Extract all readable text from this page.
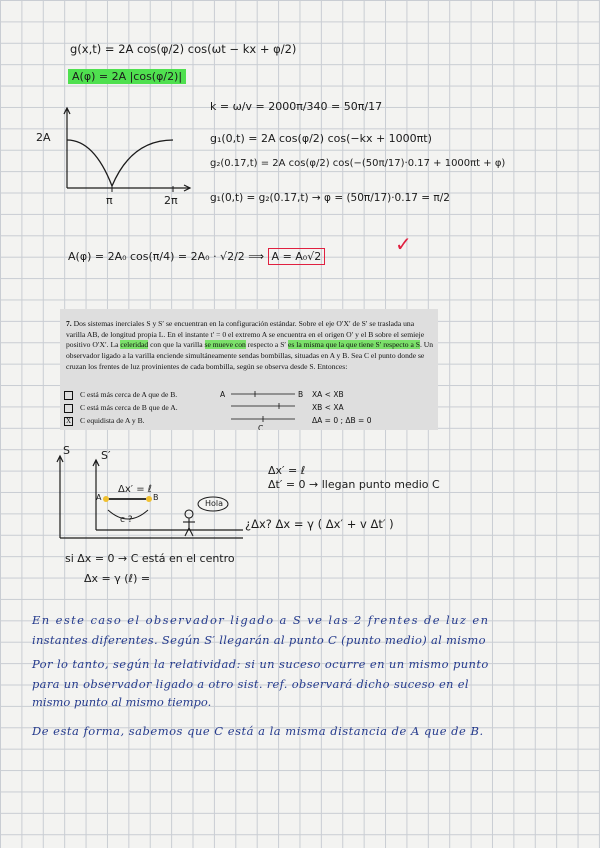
g(x,t) = 2A cos(φ/2) cos(ωt − kx + φ/2)
A(φ) = 2A |cos(φ/2)|
k = ω/v = 2000π/340 = 50π/17
2A
π	2π
g₁(0,t) = 2A cos(φ/2) cos(−kx + 1000πt)
g₂(0.17,t) = 2A cos(φ/2) cos(−(50π/17)·0.17 + 1000πt + φ)
g₁(0,t) = g₂(0.17,t) → φ = (50π/17)·0.17 = π/2
A(φ) = 2A₀ cos(π/4) = 2A₀ · √2/2 ⟹ A = A₀√2
✓
7. Dos sistemas inerciales S y S′ se encuentran en la configuración estándar. Sobre el eje O′X′ de S′ se traslada una varilla AB, de longitud propia L. En el instante t′ = 0 el extremo A se encuentra en el origen O′ y el B sobre el semieje positivo O′X′. La celeridad con que la varilla se mueve con respecto a S′ es la misma que la que tiene S′ respecto a S. Un observador ligado a la varilla enciende simultáneamente sendas bombillas, situadas en A y B. Sea C el punto donde se cruzan los frentes de luz provinientes de cada bombilla, según se observa desde S. Entonces:
C está más cerca de A que de B.
C está más cerca de B que de A.
X C equidista de A y B.
A	B
C
XA < XB
XB < XA
ΔA = 0 ; ΔB = 0
S	S′
Δx′ = ℓ
A	B
c ?
Hola
Δx′ = ℓ
Δt′ = 0 → llegan punto medio C
¿Δx? Δx = γ ( Δx′ + v Δt′ )
si Δx = 0 → C está en el centro
Δx = γ (ℓ) =
En este caso el observador ligado a S ve las 2 frentes de luz en
instantes diferentes. Según S′ llegarán al punto C (punto medio) al mismo
Por lo tanto, según la relatividad: si un suceso ocurre en un mismo punto
para un observador ligado a otro sist. ref. observará dicho suceso en el
mismo punto al mismo tiempo.
De esta forma, sabemos que C está a la misma distancia de A que de B.
